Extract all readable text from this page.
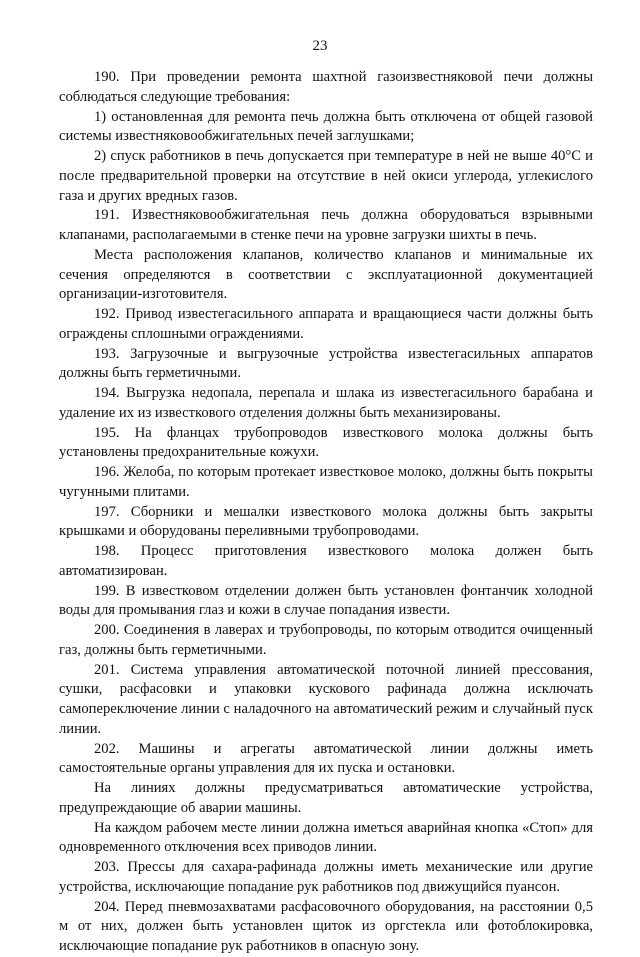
23

190. При проведении ремонта шахтной газоизвестняковой печи должны соблюдаться следующие требования:

1) остановленная для ремонта печь должна быть отключена от общей газовой системы известняковообжигательных печей заглушками;

2) спуск работников в печь допускается при температуре в ней не выше 40°С и после предварительной проверки на отсутствие в ней окиси углерода, углекислого газа и других вредных газов.

191. Известняковообжигательная печь должна оборудоваться взрывными клапанами, располагаемыми в стенке печи на уровне загрузки шихты в печь.

Места расположения клапанов, количество клапанов и минимальные их сечения определяются в соответствии с эксплуатационной документацией организации-изготовителя.

192. Привод известегасильного аппарата и вращающиеся части должны быть ограждены сплошными ограждениями.

193. Загрузочные и выгрузочные устройства известегасильных аппаратов должны быть герметичными.

194. Выгрузка недопала, перепала и шлака из известегасильного барабана и удаление их из известкового отделения должны быть механизированы.

195. На фланцах трубопроводов известкового молока должны быть установлены предохранительные кожухи.

196. Желоба, по которым протекает известковое молоко, должны быть покрыты чугунными плитами.

197. Сборники и мешалки известкового молока должны быть закрыты крышками и оборудованы переливными трубопроводами.

198. Процесс приготовления известкового молока должен быть автоматизирован.

199. В известковом отделении должен быть установлен фонтанчик холодной воды для промывания глаз и кожи в случае попадания извести.

200. Соединения в лаверах и трубопроводы, по которым отводится очищенный газ, должны быть герметичными.

201. Система управления автоматической поточной линией прессования, сушки, расфасовки и упаковки кускового рафинада должна исключать самопереключение линии с наладочного на автоматический режим и случайный пуск линии.

202. Машины и агрегаты автоматической линии должны иметь самостоятельные органы управления для их пуска и остановки.

На линиях должны предусматриваться автоматические устройства, предупреждающие об аварии машины.

На каждом рабочем месте линии должна иметься аварийная кнопка «Стоп» для одновременного отключения всех приводов линии.

203. Прессы для сахара-рафинада должны иметь механические или другие устройства, исключающие попадание рук работников под движущийся пуансон.

204. Перед пневмозахватами расфасовочного оборудования, на расстоянии 0,5 м от них, должен быть установлен щиток из оргстекла или фотоблокировка, исключающие попадание рук работников в опасную зону.
